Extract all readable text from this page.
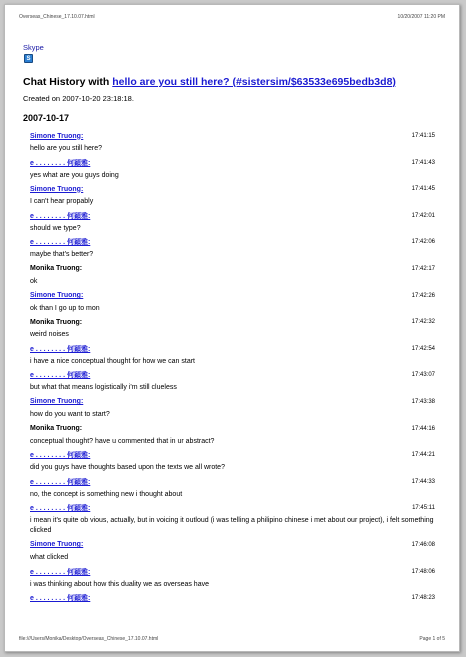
Overseas_Chinese_17.10.07.html	10/20/2007 11:20 PM
Skype
S
Chat History with hello are you still here? (#sistersim/$63533e695bedb3d8)
Created on 2007-10-20 23:18:18.
2007-10-17
Simone Truong:	17:41:15
hello are you still here?
e . . . . . . . . 何穎雅:	17:41:43
yes what are you guys doing
Simone Truong:	17:41:45
I can't hear propably
e . . . . . . . . 何穎雅:	17:42:01
should we type?
e . . . . . . . . 何穎雅:	17:42:06
maybe that's better?
Monika Truong:	17:42:17
ok
Simone Truong:	17:42:26
ok than I go up to mon
Monika Truong:	17:42:32
weird noises
e . . . . . . . . 何穎雅:	17:42:54
i have a nice conceptual thought for how we can start
e . . . . . . . . 何穎雅:	17:43:07
but what that means logistically i'm still clueless
Simone Truong:	17:43:38
how do you want to start?
Monika Truong:	17:44:16
conceptual thought? have u commented that in ur abstract?
e . . . . . . . . 何穎雅:	17:44:21
did you guys have thoughts based upon the texts we all wrote?
e . . . . . . . . 何穎雅:	17:44:33
no, the concept is something new i thought about
e . . . . . . . . 何穎雅:	17:45:11
i mean it's quite ob vious, actually, but in voicing it outloud (i was telling a philipino chinese i met about our project), i felt something clicked
Simone Truong:	17:46:08
what clicked
e . . . . . . . . 何穎雅:	17:48:06
i was thinking about how this duality we as overseas have
e . . . . . . . . 何穎雅:	17:48:23
file:///Users/Monika/Desktop/Overseas_Chinese_17.10.07.html	Page 1 of 5
